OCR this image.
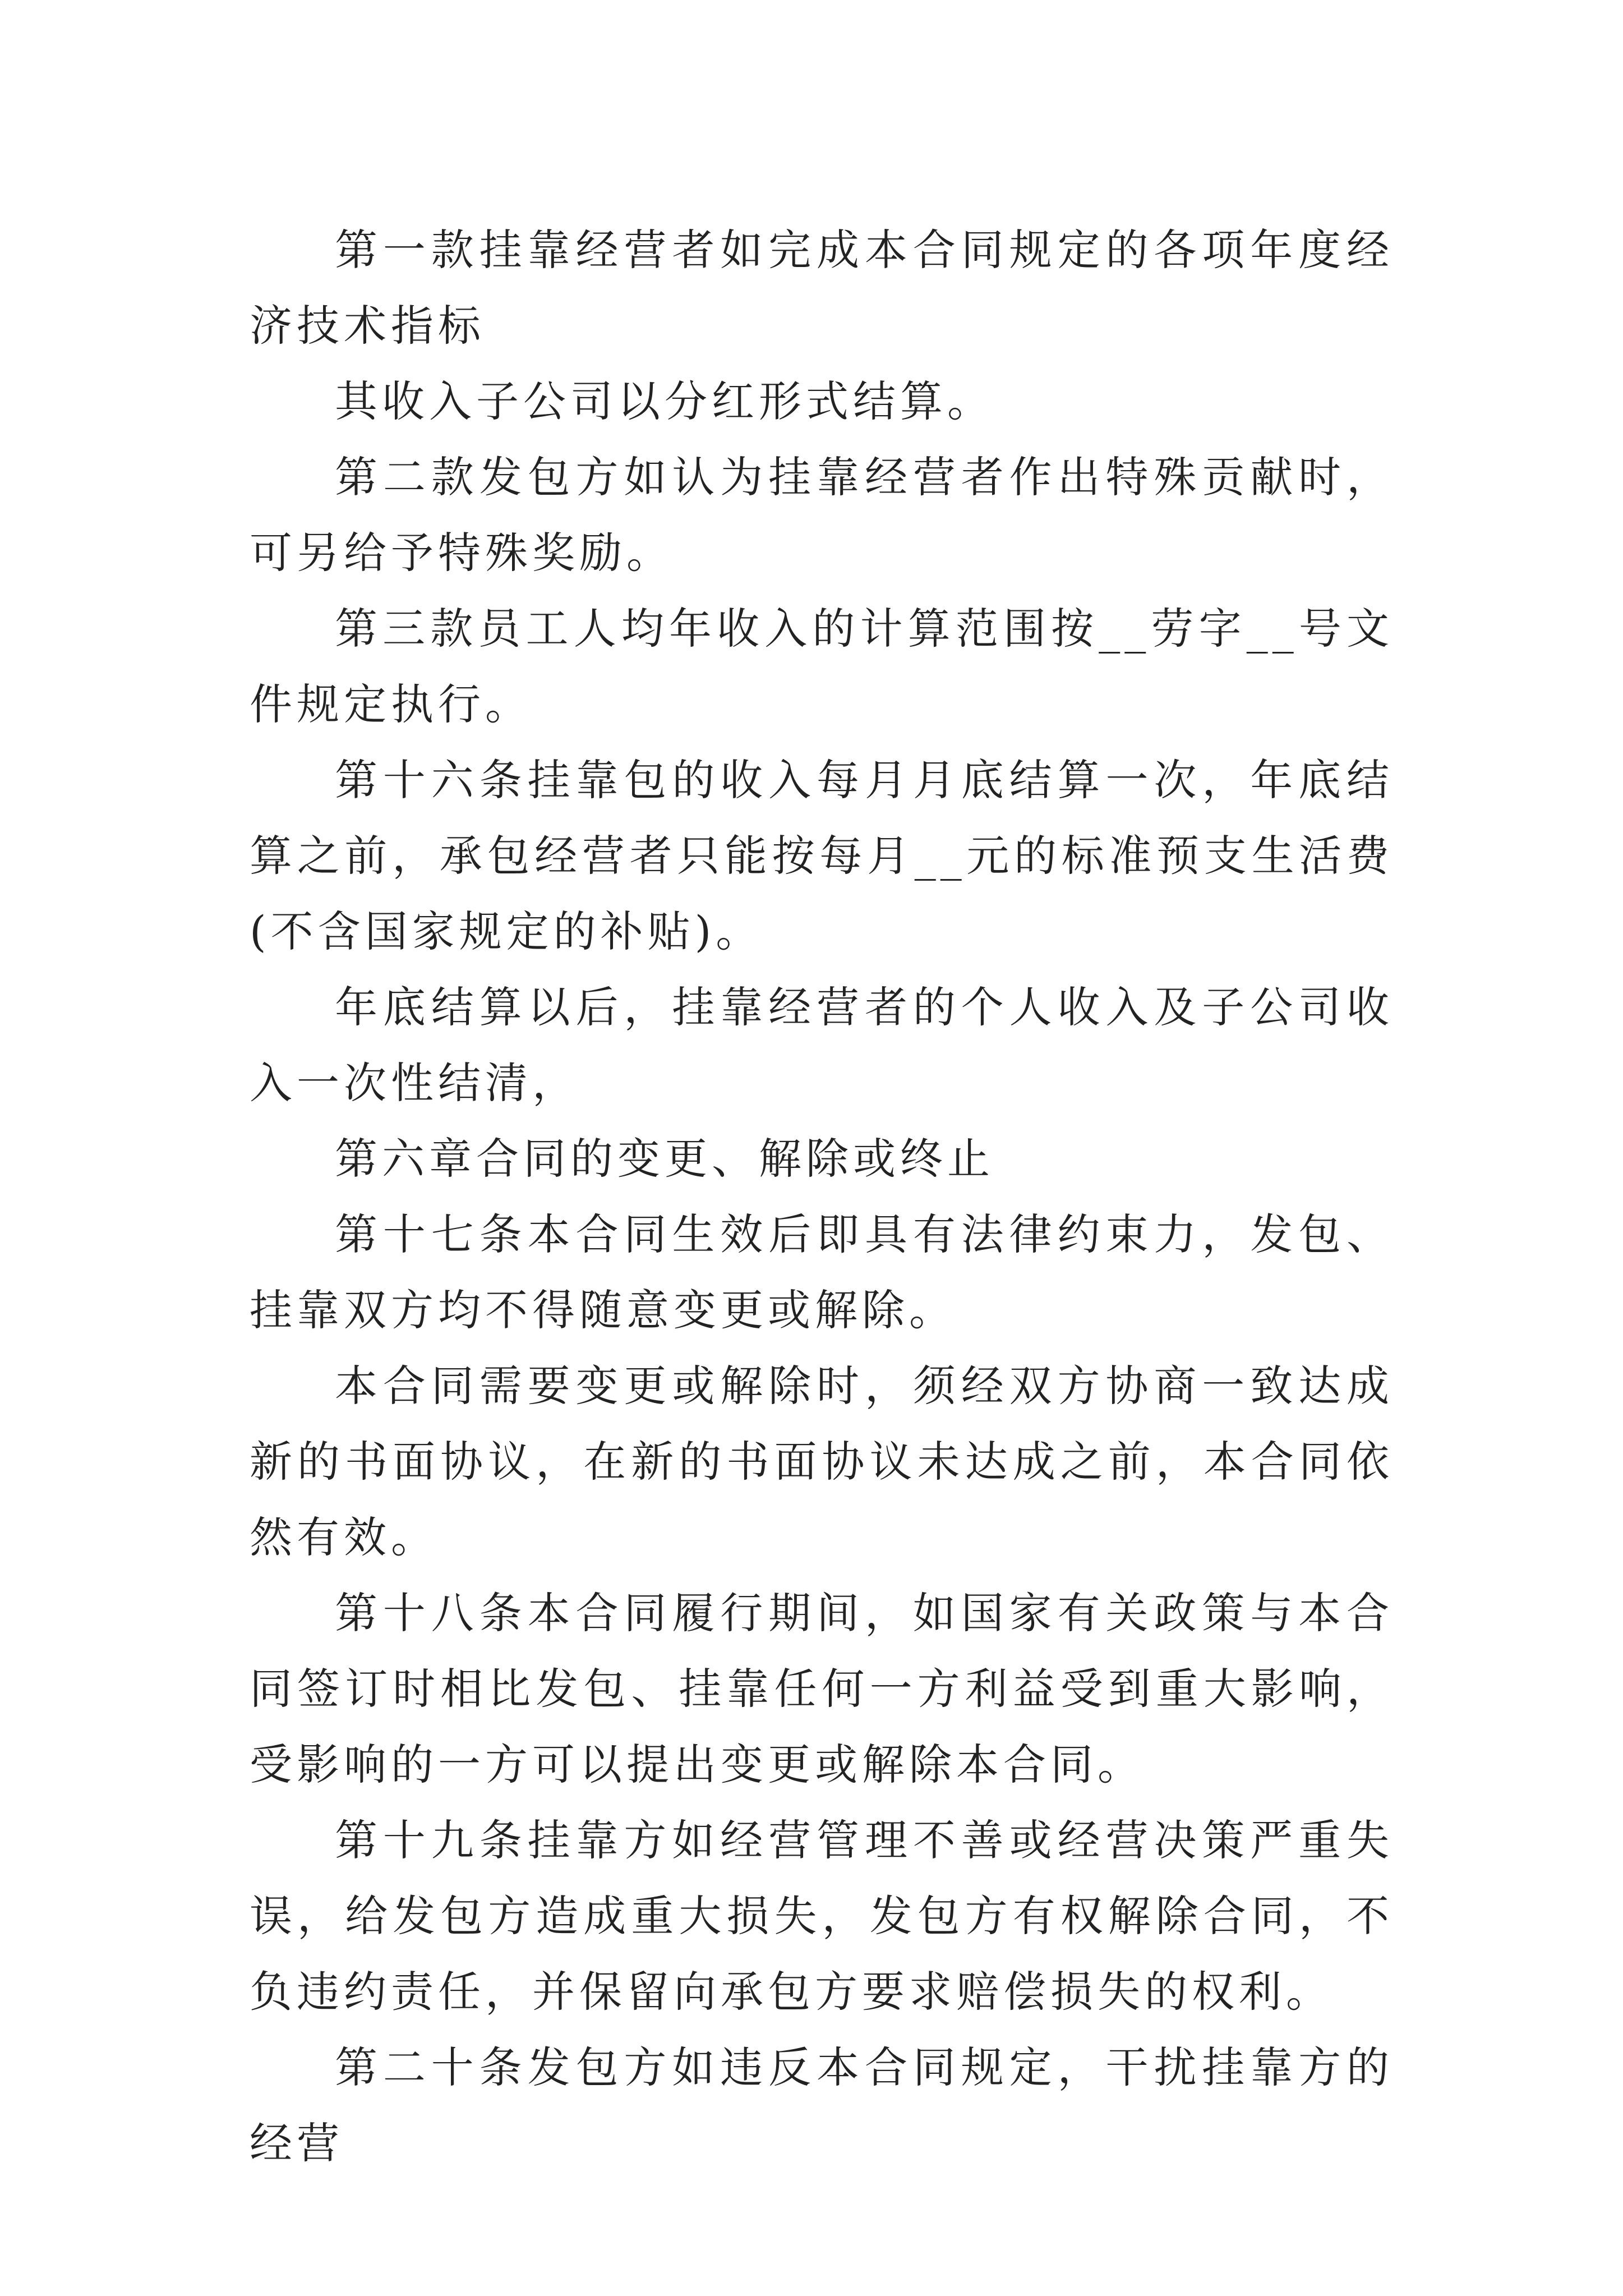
第一款挂靠经营者如完成本合同规定的各项年度经济技术指标

其收入子公司以分红形式结算。

第二款发包方如认为挂靠经营者作出特殊贡献时，可另给予特殊奖励。

第三款员工人均年收入的计算范围按__劳字__号文件规定执行。

第十六条挂靠包的收入每月月底结算一次，年底结算之前，承包经营者只能按每月__元的标准预支生活费(不含国家规定的补贴)。

年底结算以后，挂靠经营者的个人收入及子公司收入一次性结清，

第六章合同的变更、解除或终止

第十七条本合同生效后即具有法律约束力，发包、挂靠双方均不得随意变更或解除。

本合同需要变更或解除时，须经双方协商一致达成新的书面协议，在新的书面协议未达成之前，本合同依然有效。

第十八条本合同履行期间，如国家有关政策与本合同签订时相比发包、挂靠任何一方利益受到重大影响，受影响的一方可以提出变更或解除本合同。

第十九条挂靠方如经营管理不善或经营决策严重失误，给发包方造成重大损失，发包方有权解除合同，不负违约责任，并保留向承包方要求赔偿损失的权利。

第二十条发包方如违反本合同规定，干扰挂靠方的经营
